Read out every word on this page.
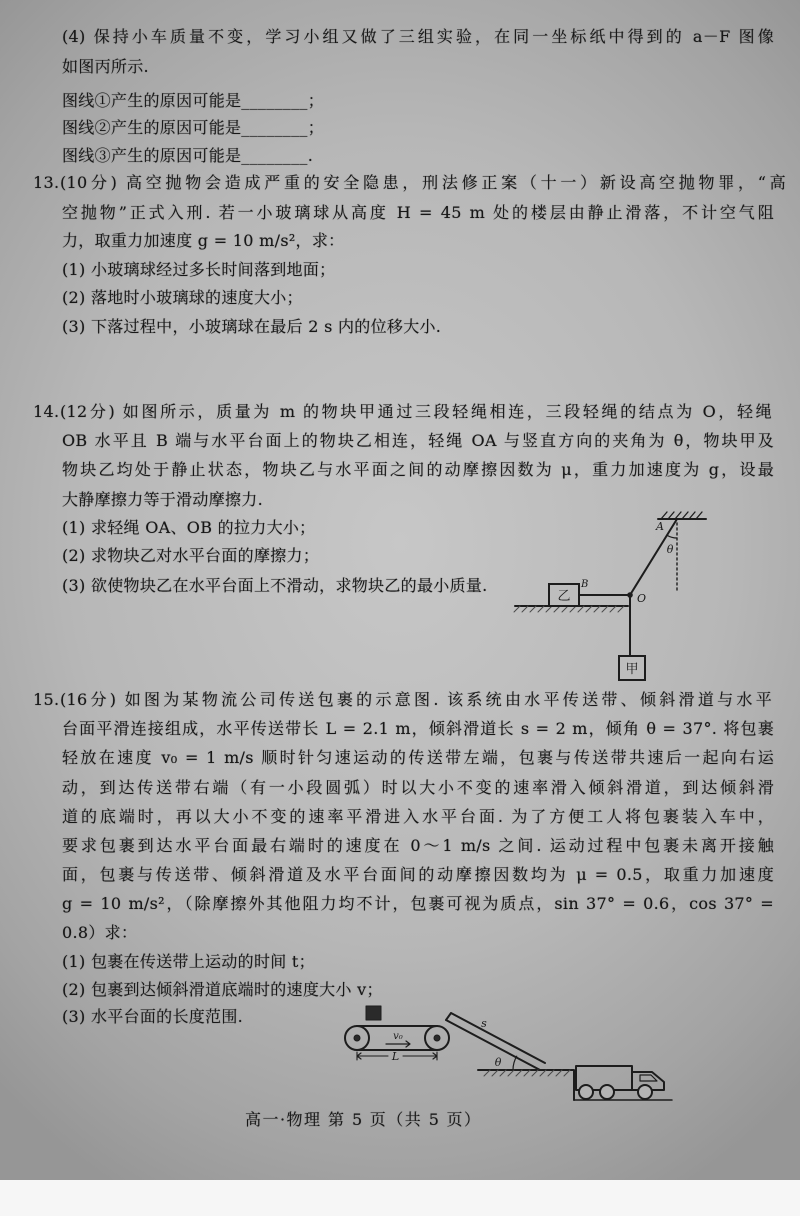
(4) 保持小车质量不变，学习小组又做了三组实验，在同一坐标纸中得到的 a－F 图像
如图丙所示.
图线①产生的原因可能是________；
图线②产生的原因可能是________；
图线③产生的原因可能是________.
13. (10分) 高空抛物会造成严重的安全隐患，刑法修正案（十一）新设高空抛物罪，“高
空抛物”正式入刑. 若一小玻璃球从高度 H = 45 m 处的楼层由静止滑落，不计空气阻
力，取重力加速度 g = 10 m/s²，求：
(1) 小玻璃球经过多长时间落到地面；
(2) 落地时小玻璃球的速度大小；
(3) 下落过程中，小玻璃球在最后 2 s 内的位移大小.
14. (12分) 如图所示，质量为 m 的物块甲通过三段轻绳相连，三段轻绳的结点为 O，轻绳
OB 水平且 B 端与水平台面上的物块乙相连，轻绳 OA 与竖直方向的夹角为 θ，物块甲及
物块乙均处于静止状态，物块乙与水平面之间的动摩擦因数为 μ，重力加速度为 g，设最
大静摩擦力等于滑动摩擦力.
(1) 求轻绳 OA、OB 的拉力大小；
(2) 求物块乙对水平台面的摩擦力；
(3) 欲使物块乙在水平台面上不滑动，求物块乙的最小质量.
15. (16分) 如图为某物流公司传送包裹的示意图. 该系统由水平传送带、倾斜滑道与水平
台面平滑连接组成，水平传送带长 L = 2.1 m，倾斜滑道长 s = 2 m，倾角 θ = 37°. 将包裹
轻放在速度 v₀ = 1 m/s 顺时针匀速运动的传送带左端，包裹与传送带共速后一起向右运
动，到达传送带右端（有一小段圆弧）时以大小不变的速率滑入倾斜滑道，到达倾斜滑
道的底端时，再以大小不变的速率平滑进入水平台面. 为了方便工人将包裹装入车中，
要求包裹到达水平台面最右端时的速度在 0～1 m/s 之间. 运动过程中包裹未离开接触
面，包裹与传送带、倾斜滑道及水平台面间的动摩擦因数均为 μ = 0.5，取重力加速度
g = 10 m/s²，（除摩擦外其他阻力均不计，包裹可视为质点，sin 37° = 0.6，cos 37° =
0.8）求：
(1) 包裹在传送带上运动的时间 t；
(2) 包裹到达倾斜滑道底端时的速度大小 v；
(3) 水平台面的长度范围.
高一·物理 第 5 页（共 5 页）
A
θ
B
乙	O
甲
v₀
L
s
θ
